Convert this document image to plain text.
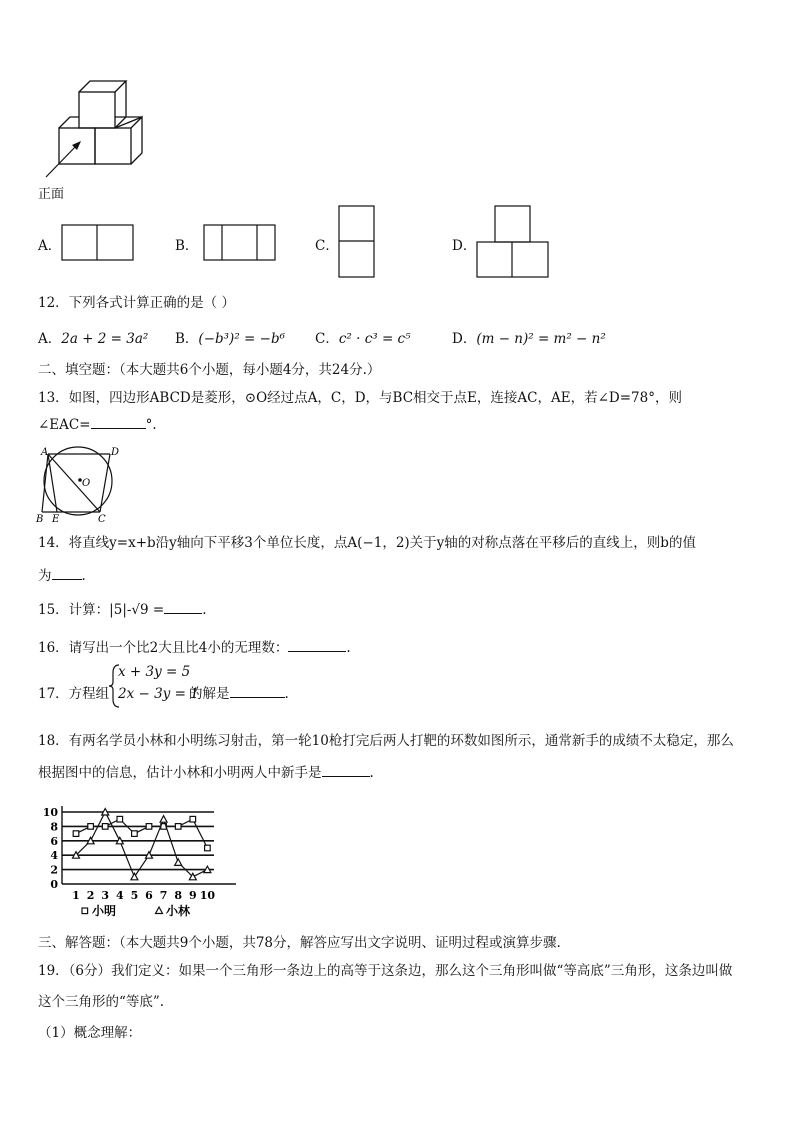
正面
A．	B．	C．	D．
12．下列各式计算正确的是（ ）
A．2a + 2 = 3a² B．(−b³)² = −b⁶ C．c² · c³ = c⁵	D．(m − n)² = m² − n²
二、填空题：（本大题共6个小题，每小题4分，共24分.）
13．如图，四边形ABCD是菱形，⊙O经过点A，C，D，与BC相交于点E，连接AC，AE，若∠D=78°，则
∠EAC=	°.
A	D
O
B E	C
14．将直线y=x+b沿y轴向下平移3个单位长度，点A(−1，2)关于y轴的对称点落在平移后的直线上，则b的值
为 .
15．计算：|5|-√9 =	.
16．请写出一个比2大且比4小的无理数：	.
17．方程组
x + 3y = 5
2x − 3y = 1
的解是	.
18．有两名学员小林和小明练习射击，第一轮10枪打完后两人打靶的环数如图所示，通常新手的成绩不太稳定，那么
根据图中的信息，估计小林和小明两人中新手是	.
0
2
4
6
8
10
1 2 3 4 5 6 7 8 9 10
小明	小林
三、解答题：（本大题共9个小题，共78分，解答应写出文字说明、证明过程或演算步骤.
19．（6分）我们定义：如果一个三角形一条边上的高等于这条边，那么这个三角形叫做“等高底”三角形，这条边叫做
这个三角形的“等底”.
（1）概念理解：
